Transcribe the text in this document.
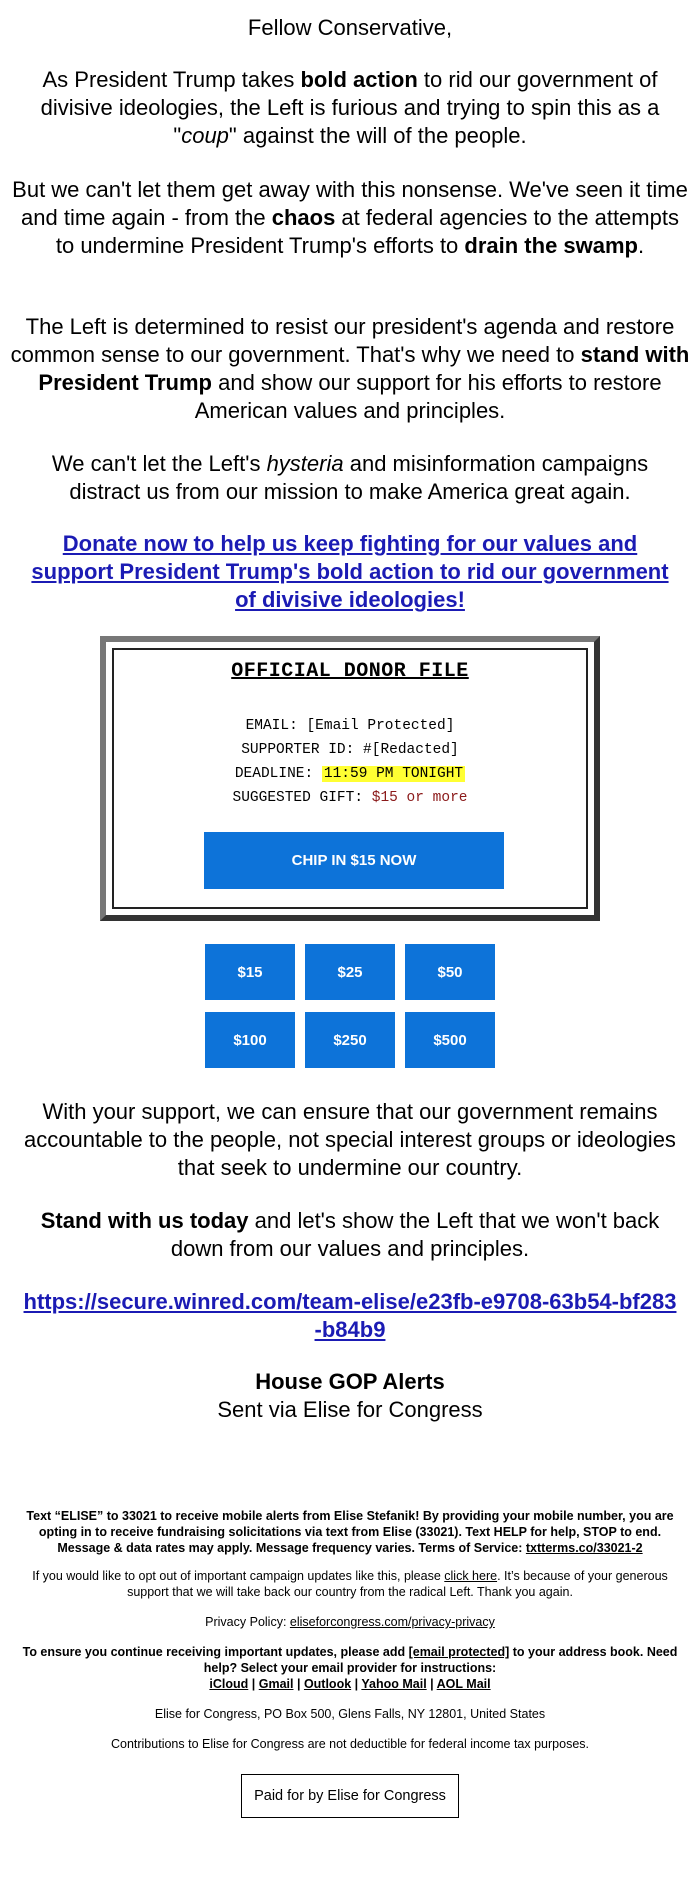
Fellow Conservative,
As President Trump takes bold action to rid our government of divisive ideologies, the Left is furious and trying to spin this as a "coup" against the will of the people.
But we can't let them get away with this nonsense. We've seen it time and time again - from the chaos at federal agencies to the attempts to undermine President Trump's efforts to drain the swamp.
The Left is determined to resist our president's agenda and restore common sense to our government. That's why we need to stand with President Trump and show our support for his efforts to restore American values and principles.
We can't let the Left's hysteria and misinformation campaigns distract us from our mission to make America great again.
Donate now to help us keep fighting for our values and support President Trump's bold action to rid our government of divisive ideologies!
OFFICIAL DONOR FILE
EMAIL: [Email Protected]
SUPPORTER ID: #[Redacted]
DEADLINE: 11:59 PM TONIGHT
SUGGESTED GIFT: $15 or more
CHIP IN $15 NOW
$15	$25	$50
$100	$250	$500
With your support, we can ensure that our government remains accountable to the people, not special interest groups or ideologies that seek to undermine our country.
Stand with us today and let's show the Left that we won't back down from our values and principles.
https://secure.winred.com/team-elise/e23fb-e9708-63b54-bf283-b84b9
House GOP Alerts
Sent via Elise for Congress
Text “ELISE” to 33021 to receive mobile alerts from Elise Stefanik! By providing your mobile number, you are opting in to receive fundraising solicitations via text from Elise (33021). Text HELP for help, STOP to end. Message & data rates may apply. Message frequency varies. Terms of Service: txtterms.co/33021-2
If you would like to opt out of important campaign updates like this, please click here. It’s because of your generous support that we will take back our country from the radical Left. Thank you again.
Privacy Policy: eliseforcongress.com/privacy-privacy
To ensure you continue receiving important updates, please add [email protected] to your address book. Need help? Select your email provider for instructions:
iCloud | Gmail | Outlook | Yahoo Mail | AOL Mail
Elise for Congress, PO Box 500, Glens Falls, NY 12801, United States
Contributions to Elise for Congress are not deductible for federal income tax purposes.
Paid for by Elise for Congress
